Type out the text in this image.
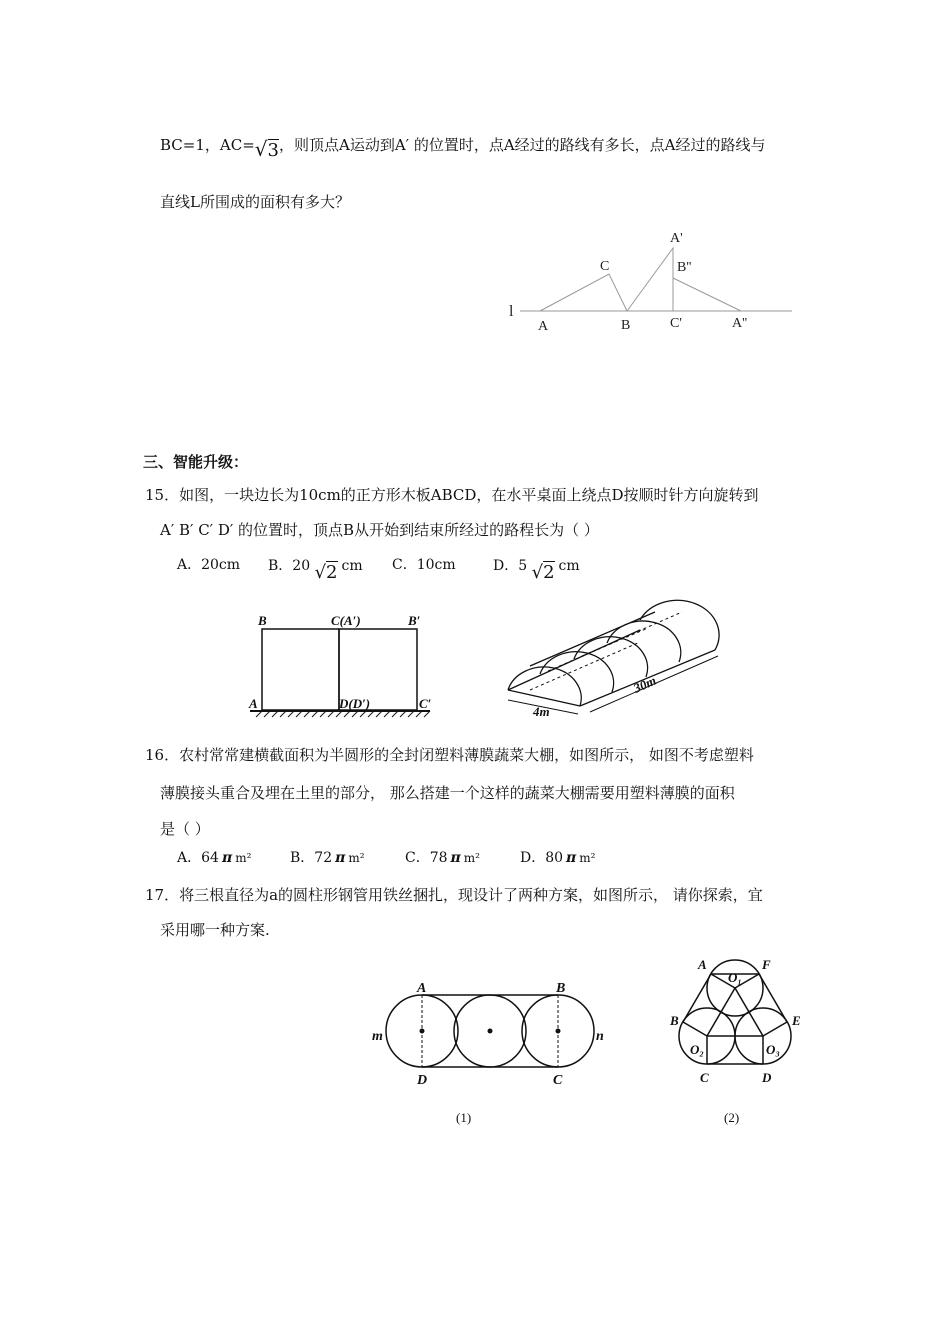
BC=1，AC=√3，则顶点A运动到A′ 的位置时，点A经过的路线有多长，点A经过的路线与
直线L所围成的面积有多大？
A'
B''
C
l
A	B	C'	A''
三、智能升级：
15．如图，一块边长为10cm的正方形木板ABCD，在水平桌面上绕点D按顺时针方向旋转到
A′ B′ C′ D′ 的位置时，顶点B从开始到结束所经过的路程长为（ ）
A．20cm B．20 √2 cm C．10cm	D．5 √2 cm
B	C(A′)	B′
A	D(D′)	C′
30m
4m
16．农村常常建横截面积为半圆形的全封闭塑料薄膜蔬菜大棚，如图所示， 如图不考虑塑料
薄膜接头重合及埋在土里的部分， 那么搭建一个这样的蔬菜大棚需要用塑料薄膜的面积
是（ ）
A．64 π m²	B．72 π m²	C．78 π m²	D．80 π m²
17．将三根直径为a的圆柱形钢管用铁丝捆扎，现设计了两种方案，如图所示， 请你探索，宜
采用哪一种方案.
A	B
m	n
D	C
(1)
A	F
O₁
B	E
O₂	O₃
C	D
(2)
